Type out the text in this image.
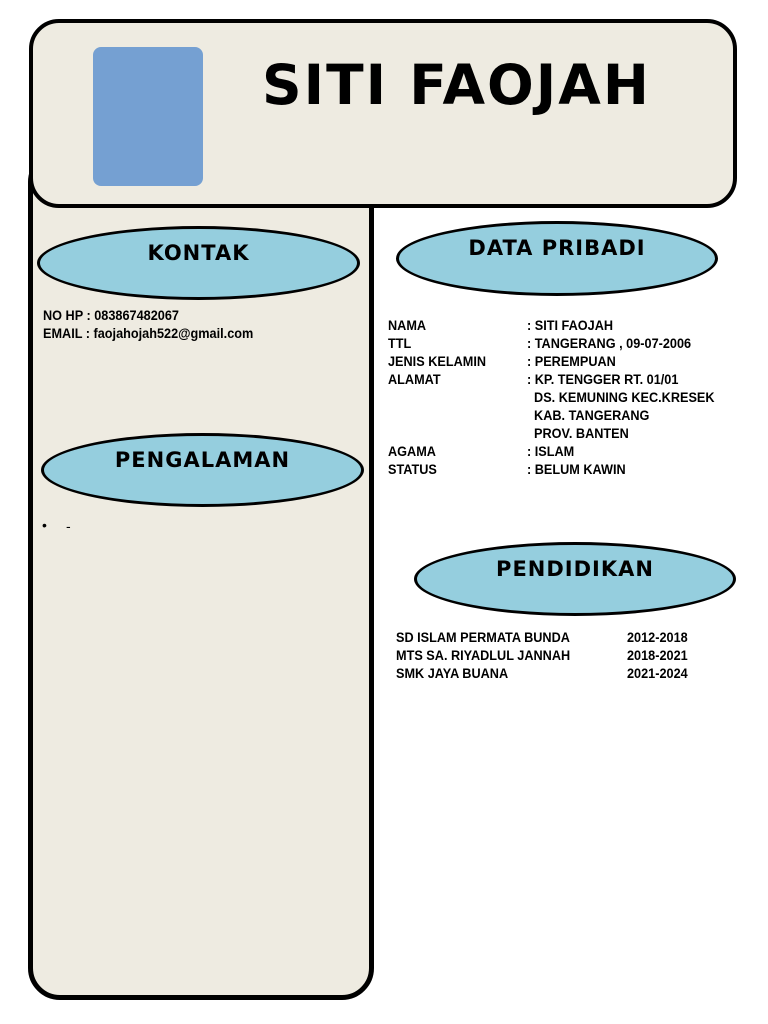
SITI FAOJAH
KONTAK
NO HP : 083867482067
EMAIL : faojahojah522@gmail.com
PENGALAMAN
• -
DATA PRIBADI
NAMA	: SITI FAOJAH
TTL	: TANGERANG , 09-07-2006
JENIS KELAMIN	: PEREMPUAN
ALAMAT	: KP. TENGGER RT. 01/01
DS. KEMUNING KEC.KRESEK
KAB. TANGERANG
PROV. BANTEN
AGAMA	: ISLAM
STATUS	: BELUM KAWIN
PENDIDIKAN
SD ISLAM PERMATA BUNDA	2012-2018
MTS SA. RIYADLUL JANNAH	2018-2021
SMK JAYA BUANA	2021-2024
